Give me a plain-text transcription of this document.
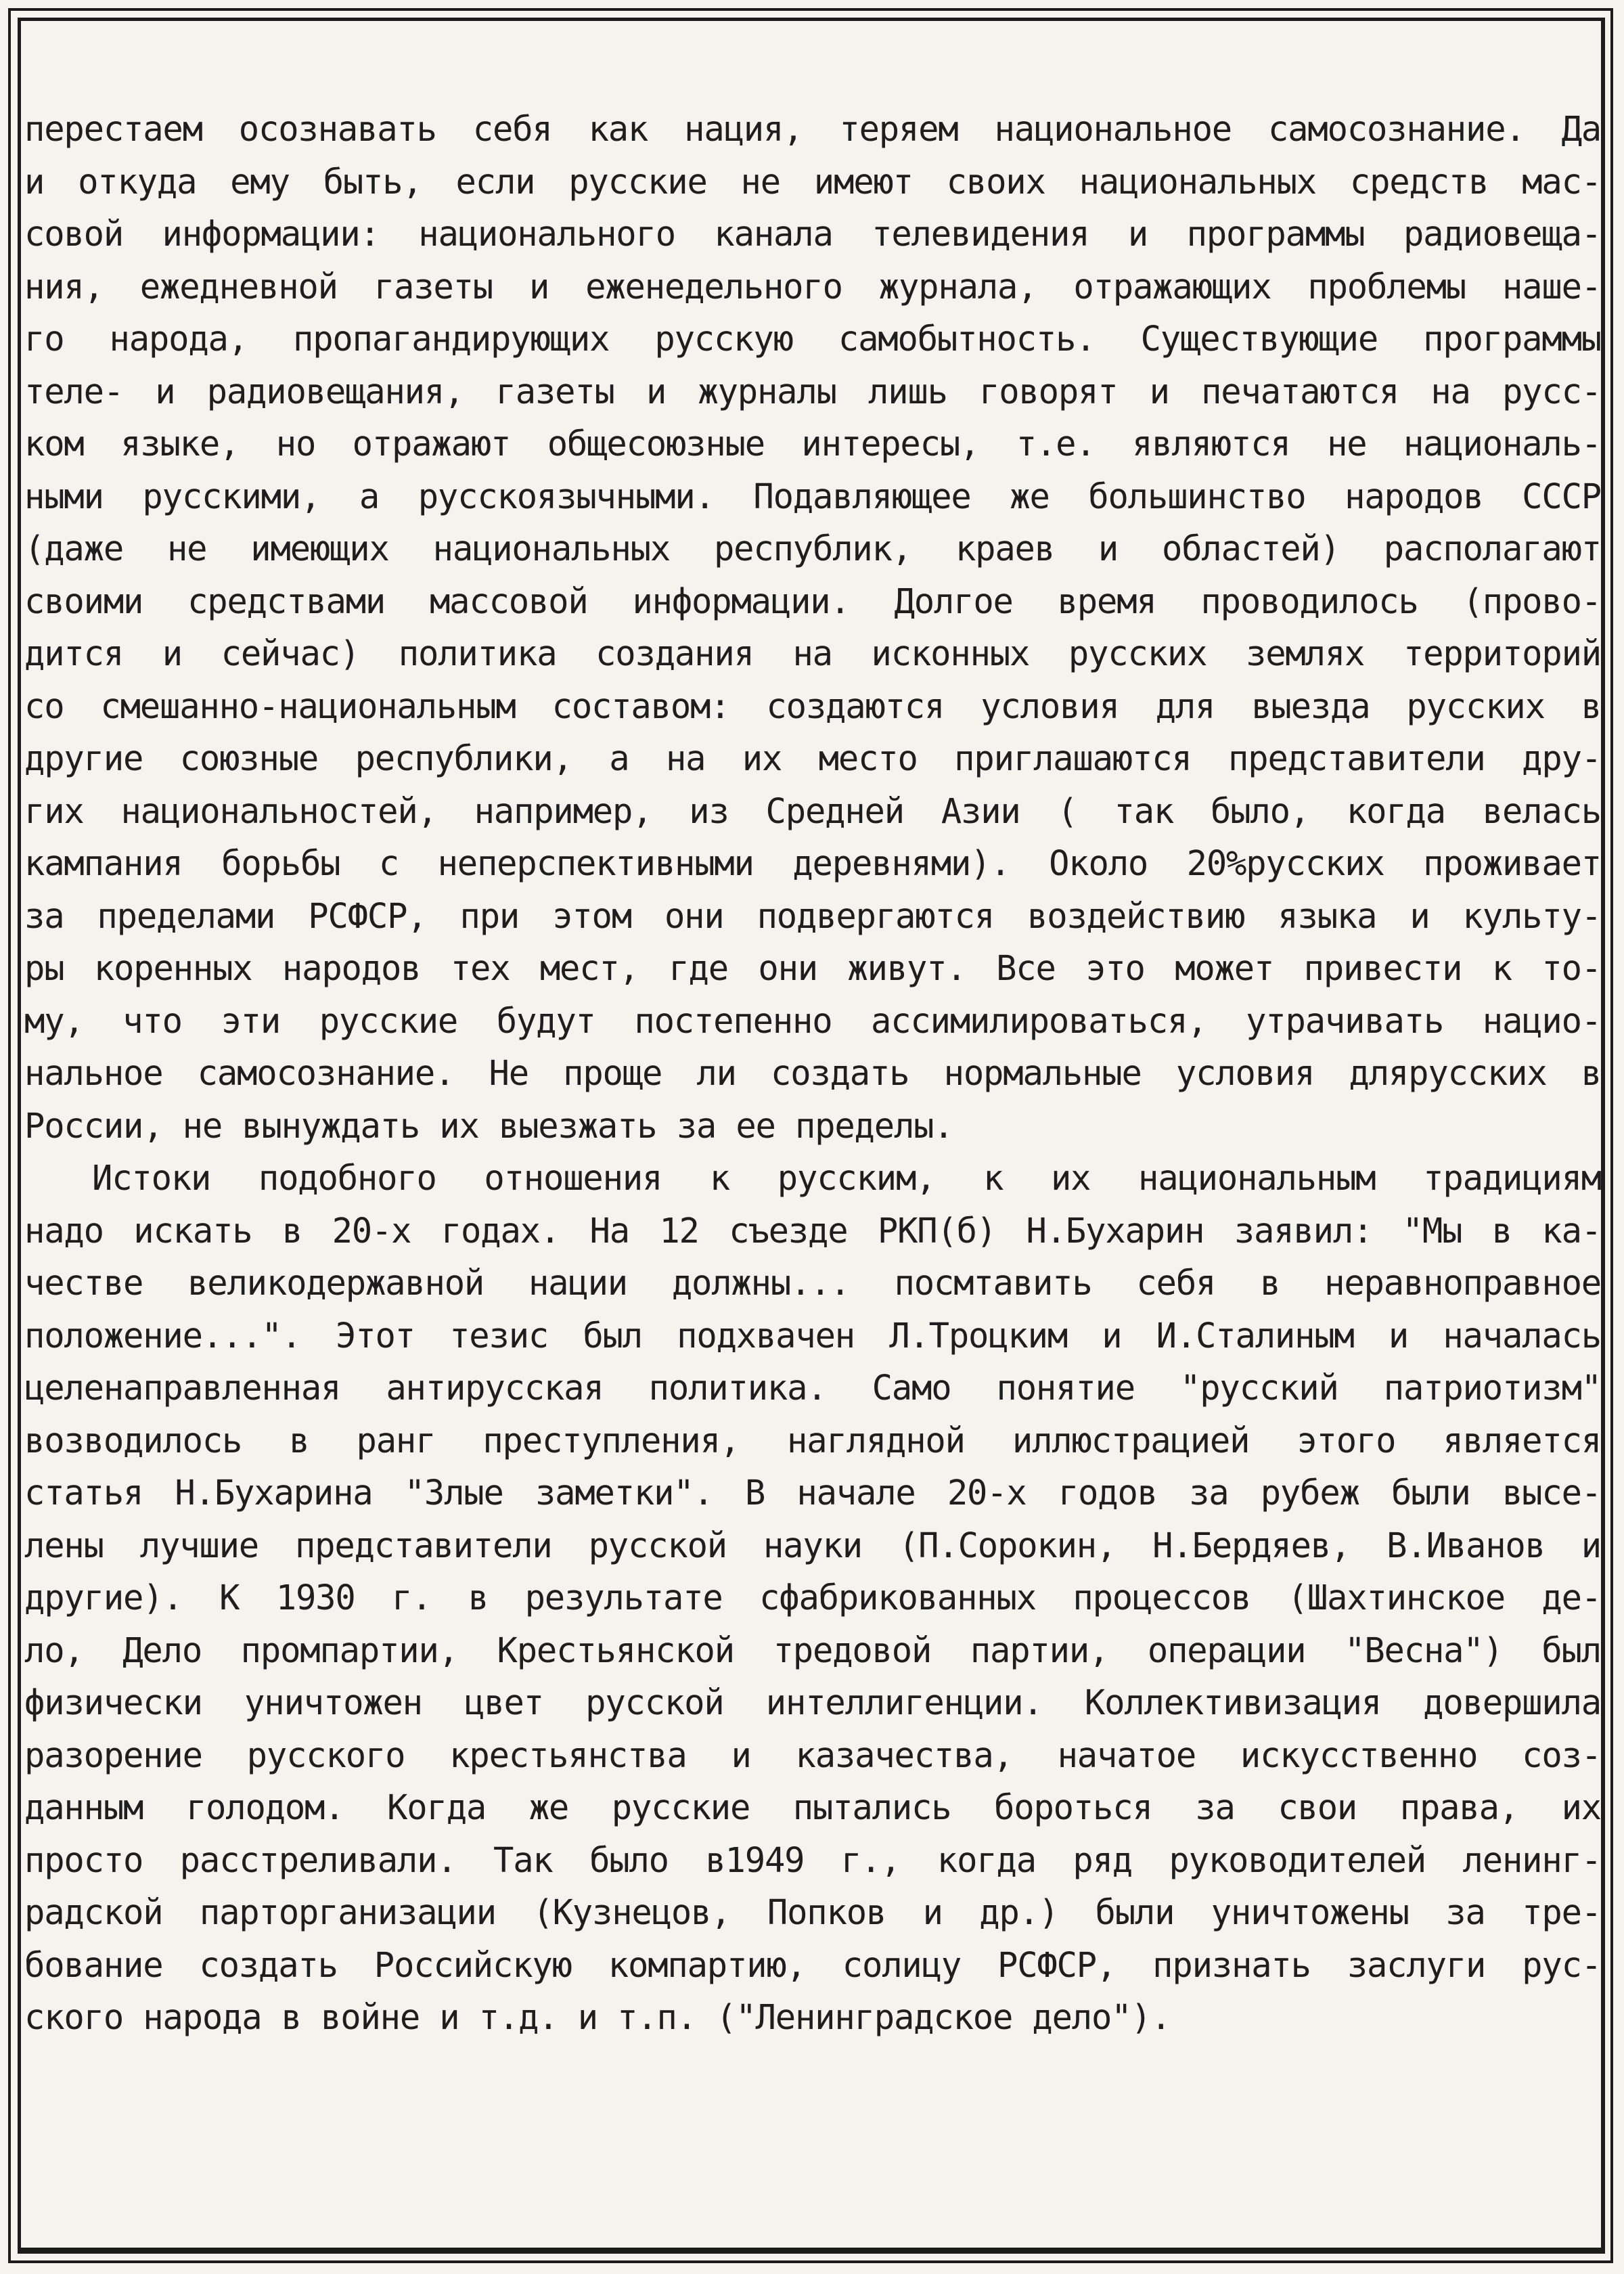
перестаем осознавать себя как нация, теряем национальное самосознание. Да
и откуда ему быть, если русские не имеют своих национальных средств мас-
совой информации: национального канала телевидения и программы радиовеща-
ния, ежедневной газеты и еженедельного журнала, отражающих проблемы наше-
го народа, пропагандирующих русскую самобытность. Существующие программы
теле- и радиовещания, газеты и журналы лишь говорят и печатаются на русс-
ком языке, но отражают общесоюзные интересы, т.е. являются не националь-
ными русскими, а русскоязычными. Подавляющее же большинство народов СССР
(даже не имеющих национальных республик, краев и областей) располагают
своими средствами массовой информации. Долгое время проводилось (прово-
дится и сейчас) политика создания на исконных русских землях территорий
со смешанно-национальным составом: создаются условия для выезда русских в
другие союзные республики, а на их место приглашаются представители дру-
гих национальностей, например, из Средней Азии ( так было, когда велась
кампания борьбы с неперспективными деревнями). Около 20%русских проживает
за пределами РСФСР, при этом они подвергаются воздействию языка и культу-
ры коренных народов тех мест, где они живут. Все это может привести к то-
му, что эти русские будут постепенно ассимилироваться, утрачивать нацио-
нальное самосознание. Не проще ли создать нормальные условия длярусских в
России, не вынуждать их выезжать за ее пределы.
Истоки подобного отношения к русским, к их национальным традициям
надо искать в 20-х годах. На 12 съезде РКП(б) Н.Бухарин заявил: "Мы в ка-
честве великодержавной нации должны... посмтавить себя в неравноправное
положение...". Этот тезис был подхвачен Л.Троцким и И.Сталиным и началась
целенаправленная антирусская политика. Само понятие "русский патриотизм"
возводилось в ранг преступления, наглядной иллюстрацией этого является
статья Н.Бухарина "Злые заметки". В начале 20-х годов за рубеж были высе-
лены лучшие представители русской науки (П.Сорокин, Н.Бердяев, В.Иванов и
другие). К 1930 г. в результате сфабрикованных процессов (Шахтинское де-
ло, Дело промпартии, Крестьянской тредовой партии, операции "Весна") был
физически уничтожен цвет русской интеллигенции. Коллективизация довершила
разорение русского крестьянства и казачества, начатое искусственно соз-
данным голодом. Когда же русские пытались бороться за свои права, их
просто расстреливали. Так было в1949 г., когда ряд руководителей ленинг-
радской парторганизации (Кузнецов, Попков и др.) были уничтожены за тре-
бование создать Российскую компартию, солицу РСФСР, признать заслуги рус-
ского народа в войне и т.д. и т.п. ("Ленинградское дело").
